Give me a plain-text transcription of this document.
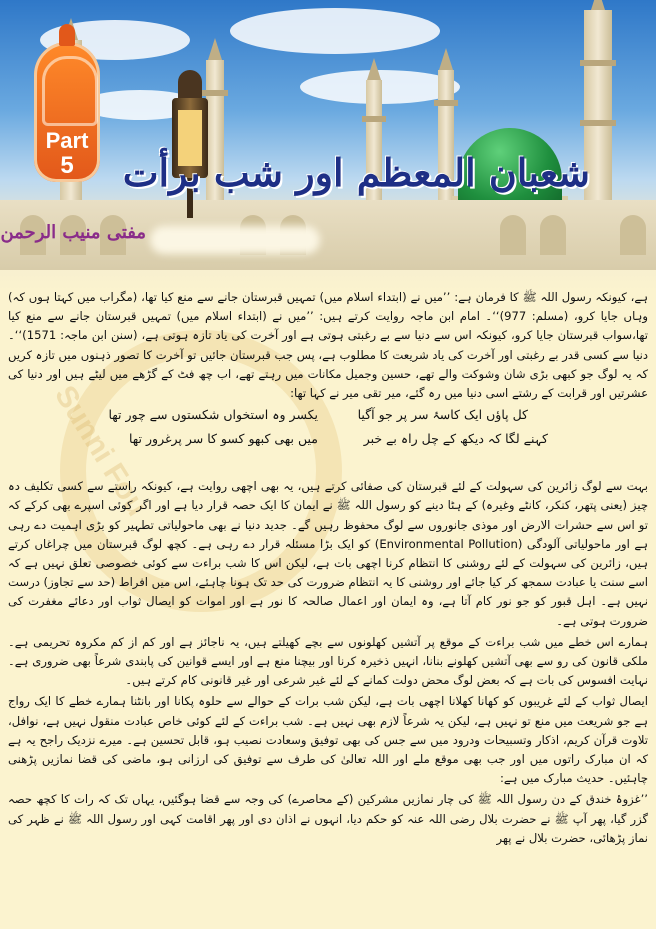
Part
5	شعبان المعظم اور شب برأت
مفتی منیب الرحمن
Sunni Fou

ہے، کیونکہ رسول اللہ ﷺ کا فرمان ہے: ’’میں نے (ابتداء اسلام میں) تمہیں قبرستان جانے سے منع کیا تھا، (مگراب میں کہتا ہوں کہ) وہاں جایا کرو، (مسلم: 977)‘‘۔ امام ابن ماجہ روایت کرتے ہیں: ’’میں نے (ابتداء اسلام میں) تمہیں قبرستان جانے سے منع کیا تھا،سواب قبرستان جایا کرو، کیونکہ اس سے دنیا سے بے رغبتی ہوتی ہے اور آخرت کی یاد تازہ ہوتی ہے، (سنن ابن ماجہ: 1571)‘‘۔ دنیا سے کسی قدر بے رغبتی اور آخرت کی یاد شریعت کا مطلوب ہے، پس جب قبرستان جائیں تو آخرت کا تصور ذہنوں میں تازہ کریں کہ یہ لوگ جو کبھی بڑی شان وشوکت والے تھے، حسین وجمیل مکانات میں رہتے تھے، اب چھ فٹ کے گڑھے میں لیٹے ہیں اور دنیا کی عشرتیں اور قرابت کے رشتے اسی دنیا میں رہ گئے، میر تقی میر نے کہا تھا:

کل پاؤں ایک کاسۂ سر پر جو آگیا
یکسر وہ استخواں شکستوں سے چور تھا
کہنے لگا کہ دیکھ کے چل راہ بے خبر
میں بھی کبھو کسو کا سر پرغرور تھا

بہت سے لوگ زائرین کی سہولت کے لئے قبرستان کی صفائی کرتے ہیں، یہ بھی اچھی روایت ہے، کیونکہ راستے سے کسی تکلیف دہ چیز (یعنی پتھر، کنکر، کانٹے وغیرہ) کے ہٹا دینے کو رسول اللہ ﷺ نے ایمان کا ایک حصہ قرار دیا ہے اور اگر کوئی اسپرے بھی کرکے کہ تو اس سے حشرات الارض اور موذی جانوروں سے لوگ محفوظ رہیں گے۔ جدید دنیا نے بھی ماحولیاتی تطہیر کو بڑی اہمیت دے رہی ہے اور ماحولیاتی آلودگی (Environmental Pollution) کو ایک بڑا مسئلہ قرار دے رہی ہے۔ کچھ لوگ قبرستان میں چراغاں کرتے ہیں، زائرین کی سہولت کے لئے روشنی کا انتظام کرنا اچھی بات ہے، لیکن اس کا شب براءت سے کوئی خصوصی تعلق نہیں ہے کہ اسے سنت یا عبادت سمجھ کر کیا جائے اور روشنی کا یہ انتظام ضرورت کی حد تک ہونا چاہئے، اس میں افراط (حد سے تجاوز) درست نہیں ہے۔ اہل قبور کو جو نور کام آتا ہے، وہ ایمان اور اعمال صالحہ کا نور ہے اور اموات کو ایصال ثواب اور دعائے مغفرت کی ضرورت ہوتی ہے۔

ہمارے اس خطے میں شب براءت کے موقع پر آتشیں کھلونوں سے بچے کھیلتے ہیں، یہ ناجائز ہے اور کم از کم مکروہ تحریمی ہے۔ ملکی قانون کی رو سے بھی آتشیں کھلونے بنانا، انہیں ذخیرہ کرنا اور بیچنا منع ہے اور ایسے قوانین کی پابندی شرعاً بھی ضروری ہے۔ نہایت افسوس کی بات ہے کہ بعض لوگ محض دولت کمانے کے لئے غیر شرعی اور غیر قانونی کام کرتے ہیں۔

ایصال ثواب کے لئے غریبوں کو کھانا کھلانا اچھی بات ہے، لیکن شب برات کے حوالے سے حلوہ پکانا اور بانٹنا ہمارے خطے کا ایک رواج ہے جو شریعت میں منع تو نہیں ہے، لیکن یہ شرعاً لازم بھی نہیں ہے۔ شب براءت کے لئے کوئی خاص عبادت منقول نہیں ہے، نوافل، تلاوت قرآن کریم، اذکار وتسبیحات ودرود میں سے جس کی بھی توفیق وسعادت نصیب ہو، قابل تحسین ہے۔ میرے نزدیک راجح یہ ہے کہ ان مبارک راتوں میں اور جب بھی موقع ملے اور اللہ تعالیٰ کی طرف سے توفیق کی ارزانی ہو، ماضی کی قضا نمازیں پڑھنی چاہئیں۔ حدیث مبارک میں ہے:

’’غزوۂ خندق کے دن رسول اللہ ﷺ کی چار نمازیں مشرکین (کے محاصرے) کی وجہ سے قضا ہوگئیں، یہاں تک کہ رات کا کچھ حصہ گزر گیا، پھر آپ ﷺ نے حضرت بلال رضی اللہ عنہ کو حکم دیا، انہوں نے اذان دی اور پھر اقامت کہی اور رسول اللہ ﷺ نے ظہر کی نماز پڑھائی، حضرت بلال نے پھر
